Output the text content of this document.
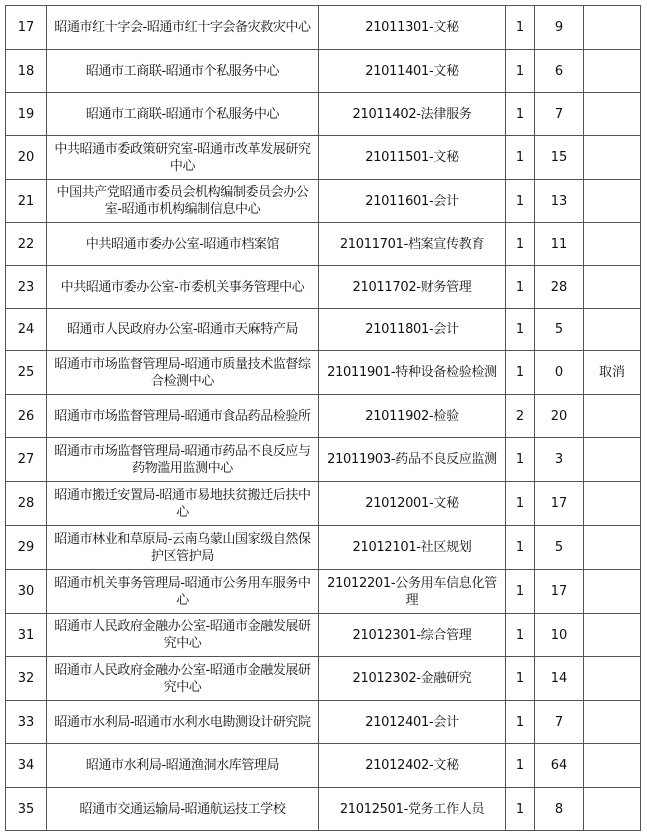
17	昭通市红十字会-昭通市红十字会备灾救灾中心	21011301-文秘	1	9	
18	昭通市工商联-昭通市个私服务中心	21011401-文秘	1	6	
19	昭通市工商联-昭通市个私服务中心	21011402-法律服务	1	7	
20	中共昭通市委政策研究室-昭通市改革发展研究中心	21011501-文秘	1	15	
21	中国共产党昭通市委员会机构编制委员会办公室-昭通市机构编制信息中心	21011601-会计	1	13	
22	中共昭通市委办公室-昭通市档案馆	21011701-档案宣传教育	1	11	
23	中共昭通市委办公室-市委机关事务管理中心	21011702-财务管理	1	28	
24	昭通市人民政府办公室-昭通市天麻特产局	21011801-会计	1	5	
25	昭通市市场监督管理局-昭通市质量技术监督综合检测中心	21011901-特种设备检验检测	1	0	取消
26	昭通市市场监督管理局-昭通市食品药品检验所	21011902-检验	2	20	
27	昭通市市场监督管理局-昭通市药品不良反应与药物滥用监测中心	21011903-药品不良反应监测	1	3	
28	昭通市搬迁安置局-昭通市易地扶贫搬迁后扶中心	21012001-文秘	1	17	
29	昭通市林业和草原局-云南乌蒙山国家级自然保护区管护局	21012101-社区规划	1	5	
30	昭通市机关事务管理局-昭通市公务用车服务中心	21012201-公务用车信息化管理	1	17	
31	昭通市人民政府金融办公室-昭通市金融发展研究中心	21012301-综合管理	1	10	
32	昭通市人民政府金融办公室-昭通市金融发展研究中心	21012302-金融研究	1	14	
33	昭通市水利局-昭通市水利水电勘测设计研究院	21012401-会计	1	7	
34	昭通市水利局-昭通渔洞水库管理局	21012402-文秘	1	64	
35	昭通市交通运输局-昭通航运技工学校	21012501-党务工作人员	1	8	
